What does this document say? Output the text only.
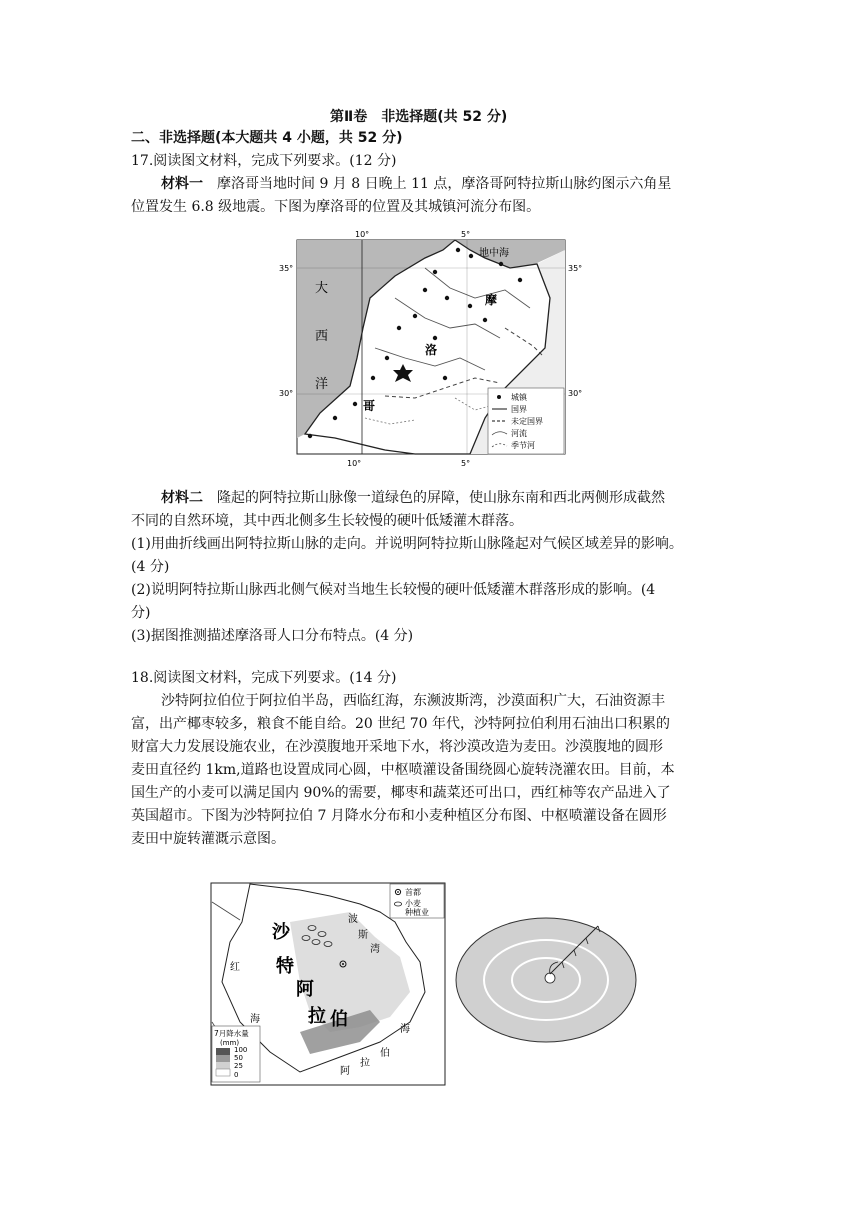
第Ⅱ卷　非选择题(共 52 分)
二、非选择题(本大题共 4 小题，共 52 分)
17.阅读图文材料，完成下列要求。(12 分)
材料一　 摩洛哥当地时间 9 月 8 日晚上 11 点，摩洛哥阿特拉斯山脉约图示六角星
位置发生 6.8 级地震。下图为摩洛哥的位置及其城镇河流分布图。
10°	5°
10°	5°
35°	35°
30°	30°
地中海
大
西
洋
摩
洛
哥
城镇
国界
未定国界
河流
季节河
材料二　 隆起的阿特拉斯山脉像一道绿色的屏障，使山脉东南和西北两侧形成截然
不同的自然环境，其中西北侧多生长较慢的硬叶低矮灌木群落。
(1)用曲折线画出阿特拉斯山脉的走向。并说明阿特拉斯山脉隆起对气候区域差异的影响。
(4 分)
(2)说明阿特拉斯山脉西北侧气候对当地生长较慢的硬叶低矮灌木群落形成的影响。(4
分)
(3)据图推测描述摩洛哥人口分布特点。(4 分)
18.阅读图文材料，完成下列要求。(14 分)
沙特阿拉伯位于阿拉伯半岛，西临红海，东濒波斯湾，沙漠面积广大，石油资源丰
富，出产椰枣较多，粮食不能自给。20 世纪 70 年代，沙特阿拉伯利用石油出口积累的
财富大力发展设施农业，在沙漠腹地开采地下水，将沙漠改造为麦田。沙漠腹地的圆形
麦田直径约 1km,道路也设置成同心圆，中枢喷灌设备围绕圆心旋转浇灌农田。目前，本
国生产的小麦可以满足国内 90%的需要，椰枣和蔬菜还可出口，西红柿等农产品进入了
英国超市。下图为沙特阿拉伯 7 月降水分布和小麦种植区分布图、中枢喷灌设备在圆形
麦田中旋转灌溉示意图。
沙
特
阿
拉 伯
波
斯
湾
红
海
阿
拉
伯
海
首都
小麦
种植业
7月降水量
(mm)
100
50
25
0
